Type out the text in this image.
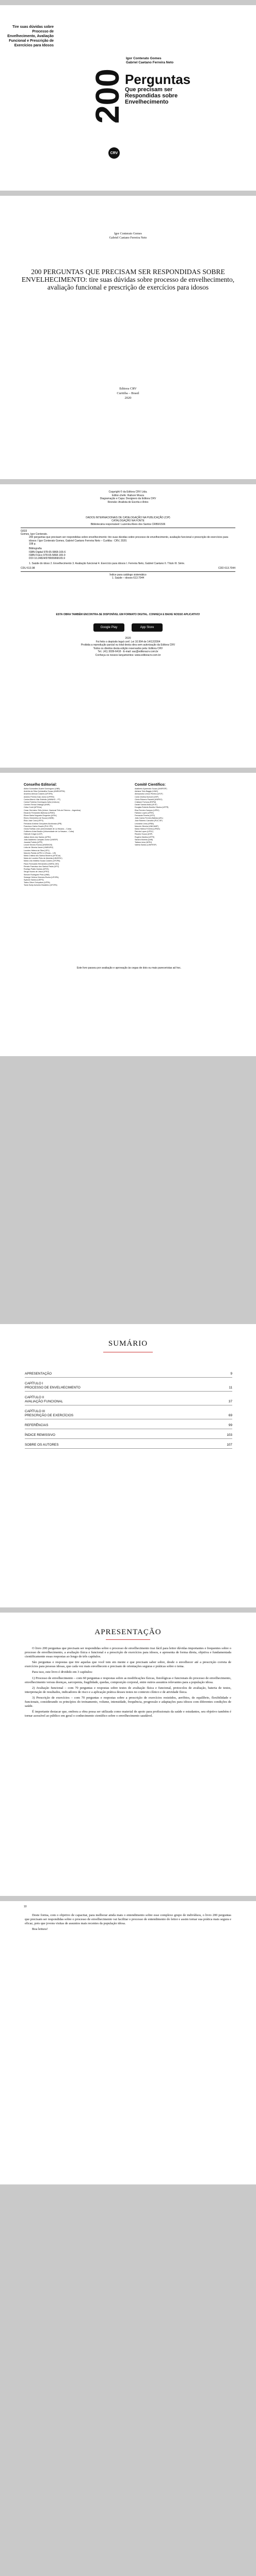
Tire suas dúvidas sobre Processo de Envelhecimento, Avaliação Funcional e Prescrição de Exercícios para Idosos
Igor Conterato Gomes
Gabriel Caetano Ferreira Neto
200
Perguntas
Que precisam ser
Respondidas sobre
Envelhecimento
CRV
Igor Conterato Gomes
Gabriel Caetano Ferreira Neto
200 PERGUNTAS QUE PRECISAM SER RESPONDIDAS SOBRE ENVELHECIMENTO: tire suas dúvidas sobre processo de envelhecimento, avaliação funcional e prescrição de exercícios para idosos
Editora CRV
Curitiba – Brasil
2020
Copyright © da Editora CRV Ltda.
Editor-chefe: Railson Moura
Diagramação e Capa: Designers da Editora CRV
Revisão: Analista de Escrita e Artes
DADOS INTERNACIONAIS DE CATALOGAÇÃO NA PUBLICAÇÃO (CIP)
CATALOGAÇÃO NA FONTE
Bibliotecária responsável: Luzenira Alves dos Santos CRB9/1506
G633
Gomes, Igor Conterato.
200 perguntas que precisam ser respondidas sobre envelhecimento: tire suas dúvidas sobre processo de envelhecimento, avaliação funcional e prescrição de exercícios para idosos / Igor Conterato Gomes, Gabriel Caetano Ferreira Neto – Curitiba : CRV, 2020.
108 p.
Bibliografia
ISBN Digital 978-65-5868-166-6
ISBN Físico 978-65-5868-165-9
DOI 10.24824/978655868165.9
1. Saúde do idoso 2. Envelhecimento 3. Avaliação funcional 4. Exercício para idosos I. Ferreira Neto, Gabriel Caetano II. Título III. Série.
CDU 613.98	CDD 613.7044
Índice para catálogo sistemático
1. Saúde – idosos 613.7044
ESTA OBRA TAMBÉM ENCONTRA-SE DISPONÍVEL EM FORMATO DIGITAL. CONHEÇA E BAIXE NOSSO APLICATIVO!
Google Play	App Store
2020
Foi feito o depósito legal conf. Lei 10.994 de 14/12/2004
Proibida a reprodução parcial ou total desta obra sem autorização da Editora CRV
Todos os direitos desta edição reservados pela: Editora CRV
Tel.: (41) 3039-6418 - E-mail: sac@editoracrv.com.br
Conheça os nossos lançamentos: www.editoracrv.com.br
Conselho Editorial:
Aldira Guimarães Duarte Domínguez (UNB)
Andréia da Silva Quintanilha Sousa (UNIR/UFRN)
Anselmo Alencar Colares (UFOPA)
Antônio Pereira Gaio Júnior (UFRRJ)
Carlos Alberto Vilar Estêvão (UMINHO – PT)
Carlos Federico Dominguez Avila (Unieuro)
Carmen Tereza Velanga (UNIR)
Celso Conti (UFSCar)
Cesar Gerónimo Tello (Univer .Nacional Três de Febrero – Argentina)
Eduardo Fernandes Barbosa (UFMG)
Elione Maria Nogueira Diogenes (UFAL)
Elizeu Clementino de Souza (UNEB)
Élsio José Corá (UFFS)
Fernando Antônio Gonçalves Alcoforado (IPB)
Francisco Carlos Duarte (PUC-PR)
Gloria Fariñas León (Universidade de La Havana – Cuba)
Guillermo Arias Beatón (Universidade de La Havana – Cuba)
Helmuth Krüger (UCP)
Jailson Alves dos Santos (UFRJ)
João Adalberto Campato Junior (UNESP)
Josania Portela (UFPI)
Leonel Severo Rocha (UNISINOS)
Lídia de Oliveira Xavier (UNIEURO)
Lourdes Helena da Silva (UFV)
Marcelo Paixão (UFRJ e UTexas – US)
Maria Cristina dos Santos Bezerra (UFSCar)
Maria de Lourdes Pinto de Almeida (UNOESC)
Maria Lília Imbiriba Sousa Colares (UFOPA)
Paulo Romualdo Hernandes (UNIFAL-MG)
Renato Francisco dos Santos Paula (UFG)
Rodrigo Pratte-Santos (UFES)
Sérgio Nunes de Jesus (IFRO)
Simone Rodrigues Pinto (UNB)
Solange Helena Ximenes-Rocha (UFOPA)
Sydione Santos (UEPG)
Tadeu Oliver Gonçalves (UFPA)
Tania Suely Azevedo Brasileiro (UFOPA)
Comitê Científico:
Adalberto Aparecido Souza (UNIFESP)
Adriana Tulio Baggio (UNIC)
Alessandra Lemos Pereira (UFJF)
Carla Cristina Dumont (USP)
Clóvis Roberto Pauletti (UNIFEG)
Cristiane Fortuna (ESPM)
Daniel Santos Mota (UFJF)
Douglas Roberto Borella Oliveira (UFPR)
Elsa Ferreira Campos (UFRJ)
Fabiano Lopes (UFES)
Fernanda Pereira (UFG)
João Carlos Ferreira Batista (UEL)
José Roberto Carvalho (PUC-SP)
Leonardo Lima (UFBA)
Marcelo Oliveira (UNICAMP)
Maria Helena Ferreira (UFMG)
Patrícia Lopes (UFSC)
Ricardo Souza (USP)
Rogério Martins (UFPE)
Sandra Moreira (UnB)
Tatiana Lima (UERJ)
Valéria Santos (UNIFESP)
Este livro passou por avaliação e aprovação às cegas de dois ou mais pareceristas ad hoc.
SUMÁRIO
APRESENTAÇÃO	9
CAPÍTULO I
PROCESSO DE ENVELHECIMENTO	11
CAPÍTULO II
AVALIAÇÃO FUNCIONAL	37
CAPÍTULO III
PRESCRIÇÃO DE EXERCÍCIOS	69
REFERÊNCIAS	99
ÍNDICE REMISSIVO	103
SOBRE OS AUTORES	107
APRESENTAÇÃO

O livro 200 perguntas que precisam ser respondidas sobre o processo de envelhecimento traz fácil para leitor dúvidas importantes e frequentes sobre o processo de envelhecimento, a avaliação física e funcional e a prescrição de exercícios para idosos, e apresenta de forma direta, objetiva e fundamentada cientificamente essas respostas ao longo de três capítulos.

São perguntas e respostas que tire aquelas que você tem em mente e que precisam saber sobre, desde o envelhecer até a prescrição correta de exercícios para pessoas idosas, que cada vez mais envelhecem e precisam de orientações seguras e práticas sobre o tema.

Para isso, este livro é dividido em 3 capítulos:

1) Processo de envelhecimento – com 60 perguntas e respostas sobre as modificações físicas, fisiológicas e funcionais do processo de envelhecimento, envelhecimento versus doenças, sarcopenia, fragilidade, quedas, composição corporal, entre outros assuntos relevantes para a população idosa.

2) Avaliação funcional – com 70 perguntas e respostas sobre testes de avaliação física e funcional, protocolos de avaliação, bateria de testes, interpretação de resultados, indicadores de risco e a aplicação prática desses testes no contexto clínico e de atividade física.

3) Prescrição de exercícios – com 70 perguntas e respostas sobre a prescrição de exercícios resistidos, aeróbios, de equilíbrio, flexibilidade e funcionais, considerando os princípios do treinamento, volume, intensidade, frequência, progressão e adaptações para idosos com diferentes condições de saúde.

É importante destacar que, embora a obra possa ser utilizada como material de apoio para profissionais da saúde e estudantes, seu objetivo também é tornar acessível ao público em geral o conhecimento científico sobre o envelhecimento saudável.

10

Deste forma, com o objetivo de capacitar, para melhorar ainda mais o entendimento sobre esse complexo grupo de indivíduos, o livro 200 perguntas que precisam ser respondidas sobre o processo de envelhecimento vai facilitar o processo de entendimento do leitor e assim tornar sua prática mais segura e eficaz, pois que jovens visitas de assuntos mais recentes da população idosa.

Boa leitura!
